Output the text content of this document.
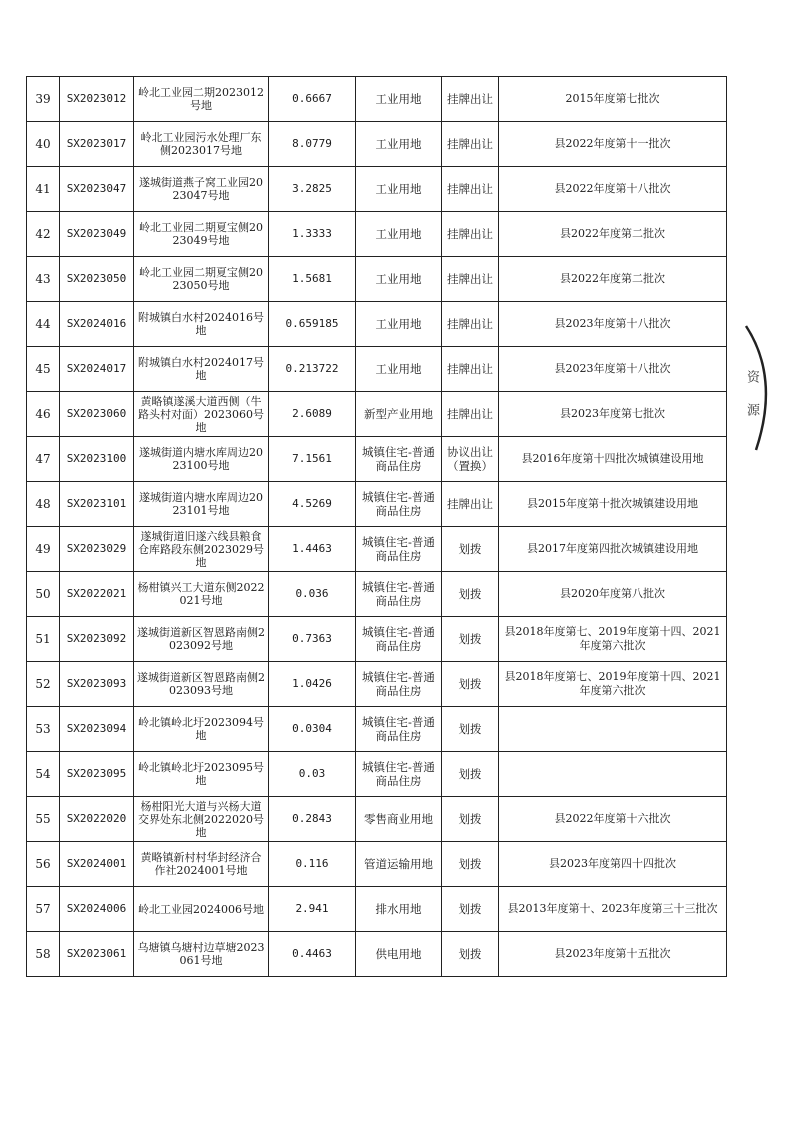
39	SX2023012	岭北工业园二期2023012号地	0.6667	工业用地	挂牌出让	2015年度第七批次
40	SX2023017	岭北工业园污水处理厂东侧2023017号地	8.0779	工业用地	挂牌出让	县2022年度第十一批次
41	SX2023047	遂城街道燕子窝工业园2023047号地	3.2825	工业用地	挂牌出让	县2022年度第十八批次
42	SX2023049	岭北工业园二期夏宝侧2023049号地	1.3333	工业用地	挂牌出让	县2022年度第二批次
43	SX2023050	岭北工业园二期夏宝侧2023050号地	1.5681	工业用地	挂牌出让	县2022年度第二批次
44	SX2024016	附城镇白水村2024016号地	0.659185	工业用地	挂牌出让	县2023年度第十八批次
45	SX2024017	附城镇白水村2024017号地	0.213722	工业用地	挂牌出让	县2023年度第十八批次
46	SX2023060	黄略镇遂溪大道西侧（牛路头村对面）2023060号地	2.6089	新型产业用地	挂牌出让	县2023年度第七批次
47	SX2023100	遂城街道内塘水库周边2023100号地	7.1561	城镇住宅-普通商品住房	协议出让（置换）	县2016年度第十四批次城镇建设用地
48	SX2023101	遂城街道内塘水库周边2023101号地	4.5269	城镇住宅-普通商品住房	挂牌出让	县2015年度第十批次城镇建设用地
49	SX2023029	遂城街道旧遂六线县粮食仓库路段东侧2023029号地	1.4463	城镇住宅-普通商品住房	划拨	县2017年度第四批次城镇建设用地
50	SX2022021	杨柑镇兴工大道东侧2022021号地	0.036	城镇住宅-普通商品住房	划拨	县2020年度第八批次
51	SX2023092	遂城街道新区智恩路南侧2023092号地	0.7363	城镇住宅-普通商品住房	划拨	县2018年度第七、2019年度第十四、2021年度第六批次
52	SX2023093	遂城街道新区智恩路南侧2023093号地	1.0426	城镇住宅-普通商品住房	划拨	县2018年度第七、2019年度第十四、2021年度第六批次
53	SX2023094	岭北镇岭北圩2023094号地	0.0304	城镇住宅-普通商品住房	划拨	
54	SX2023095	岭北镇岭北圩2023095号地	0.03	城镇住宅-普通商品住房	划拨	
55	SX2022020	杨柑阳光大道与兴杨大道交界处东北侧2022020号地	0.2843	零售商业用地	划拨	县2022年度第十六批次
56	SX2024001	黄略镇新村村华封经济合作社2024001号地	0.116	管道运输用地	划拨	县2023年度第四十四批次
57	SX2024006	岭北工业园2024006号地	2.941	排水用地	划拨	县2013年度第十、2023年度第三十三批次
58	SX2023061	乌塘镇乌塘村边草塘2023061号地	0.4463	供电用地	划拨	县2023年度第十五批次
资 源
